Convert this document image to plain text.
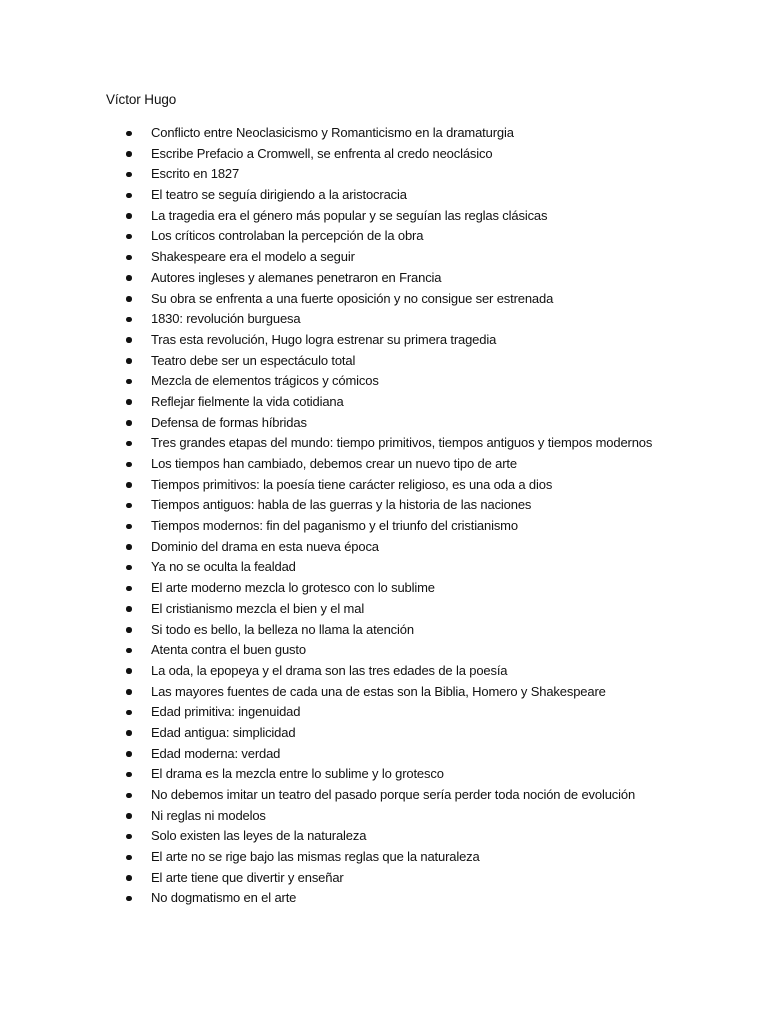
Víctor Hugo
Conflicto entre Neoclasicismo y Romanticismo en la dramaturgia
Escribe Prefacio a Cromwell, se enfrenta al credo neoclásico
Escrito en 1827
El teatro se seguía dirigiendo a la aristocracia
La tragedia era el género más popular y se seguían las reglas clásicas
Los críticos controlaban la percepción de la obra
Shakespeare era el modelo a seguir
Autores ingleses y alemanes penetraron en Francia
Su obra se enfrenta a una fuerte oposición y no consigue ser estrenada
1830: revolución burguesa
Tras esta revolución, Hugo logra estrenar su primera tragedia
Teatro debe ser un espectáculo total
Mezcla de elementos trágicos y cómicos
Reflejar fielmente la vida cotidiana
Defensa de formas híbridas
Tres grandes etapas del mundo: tiempo primitivos, tiempos antiguos y tiempos modernos
Los tiempos han cambiado, debemos crear un nuevo tipo de arte
Tiempos primitivos: la poesía tiene carácter religioso, es una oda a dios
Tiempos antiguos: habla de las guerras y la historia de las naciones
Tiempos modernos: fin del paganismo y el triunfo del cristianismo
Dominio del drama en esta nueva época
Ya no se oculta la fealdad
El arte moderno mezcla lo grotesco con lo sublime
El cristianismo mezcla el bien y el mal
Si todo es bello, la belleza no llama la atención
Atenta contra el buen gusto
La oda, la epopeya y el drama son las tres edades de la poesía
Las mayores fuentes de cada una de estas son la Biblia, Homero y Shakespeare
Edad primitiva: ingenuidad
Edad antigua: simplicidad
Edad moderna: verdad
El drama es la mezcla entre lo sublime y lo grotesco
No debemos imitar un teatro del pasado porque sería perder toda noción de evolución
Ni reglas ni modelos
Solo existen las leyes de la naturaleza
El arte no se rige bajo las mismas reglas que la naturaleza
El arte tiene que divertir y enseñar
No dogmatismo en el arte
